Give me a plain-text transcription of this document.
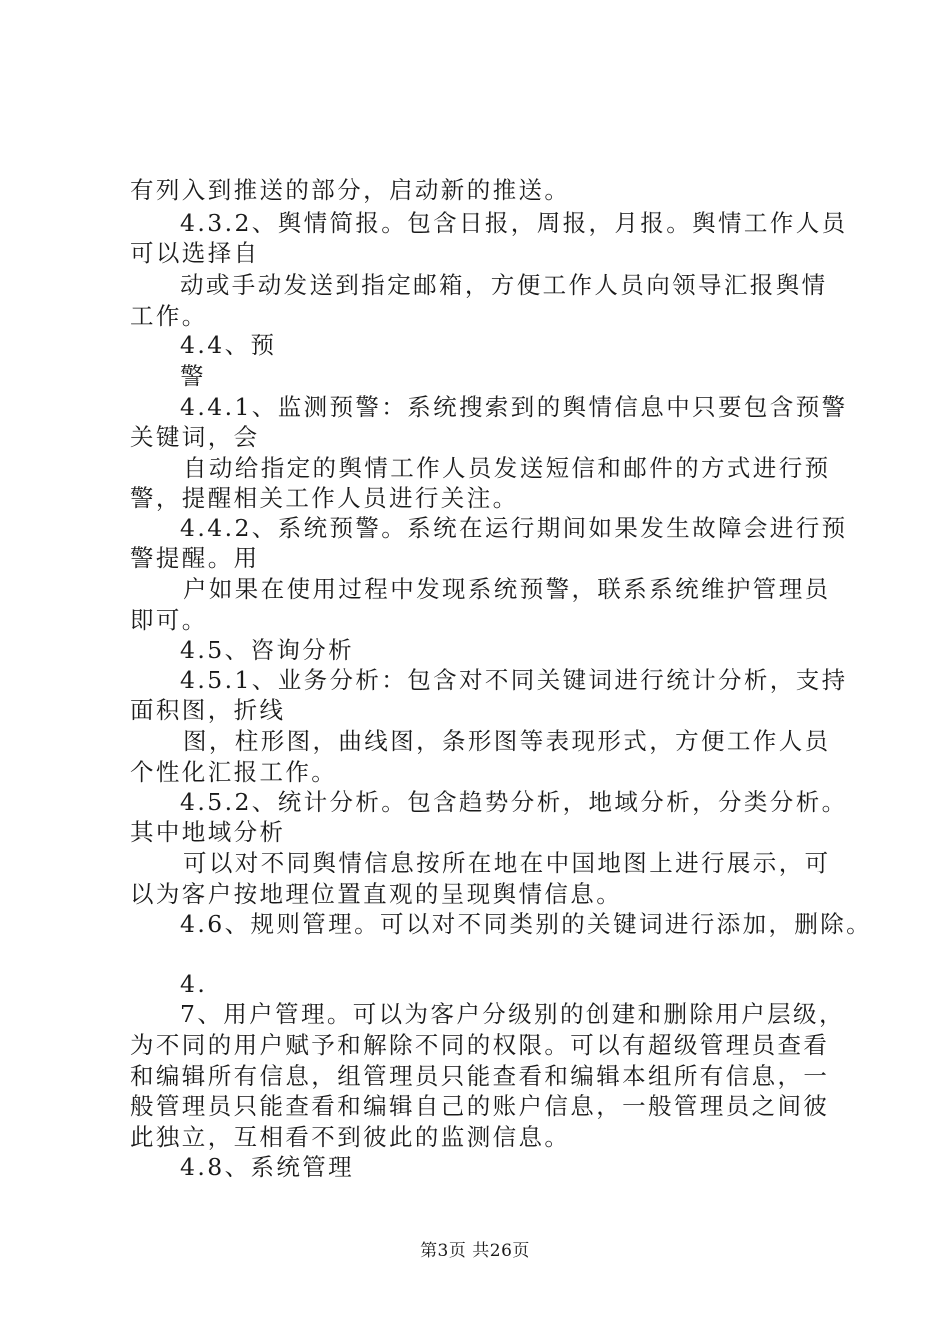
有列入到推送的部分，启动新的推送。
4.3.2、舆情简报。包含日报，周报，月报。舆情工作人员
可以选择自
动或手动发送到指定邮箱，方便工作人员向领导汇报舆情
工作。
4.4、预
警
4.4.1、监测预警：系统搜索到的舆情信息中只要包含预警
关键词，会
自动给指定的舆情工作人员发送短信和邮件的方式进行预
警，提醒相关工作人员进行关注。
4.4.2、系统预警。系统在运行期间如果发生故障会进行预
警提醒。用
户如果在使用过程中发现系统预警，联系系统维护管理员
即可。
4.5、咨询分析
4.5.1、业务分析：包含对不同关键词进行统计分析，支持
面积图，折线
图，柱形图，曲线图，条形图等表现形式，方便工作人员
个性化汇报工作。
4.5.2、统计分析。包含趋势分析，地域分析，分类分析。
其中地域分析
可以对不同舆情信息按所在地在中国地图上进行展示，可
以为客户按地理位置直观的呈现舆情信息。
4.6、规则管理。可以对不同类别的关键词进行添加，删除。
4.
7、用户管理。可以为客户分级别的创建和删除用户层级，
为不同的用户赋予和解除不同的权限。可以有超级管理员查看
和编辑所有信息，组管理员只能查看和编辑本组所有信息，一
般管理员只能查看和编辑自己的账户信息，一般管理员之间彼
此独立，互相看不到彼此的监测信息。
4.8、系统管理
第3页 共26页
